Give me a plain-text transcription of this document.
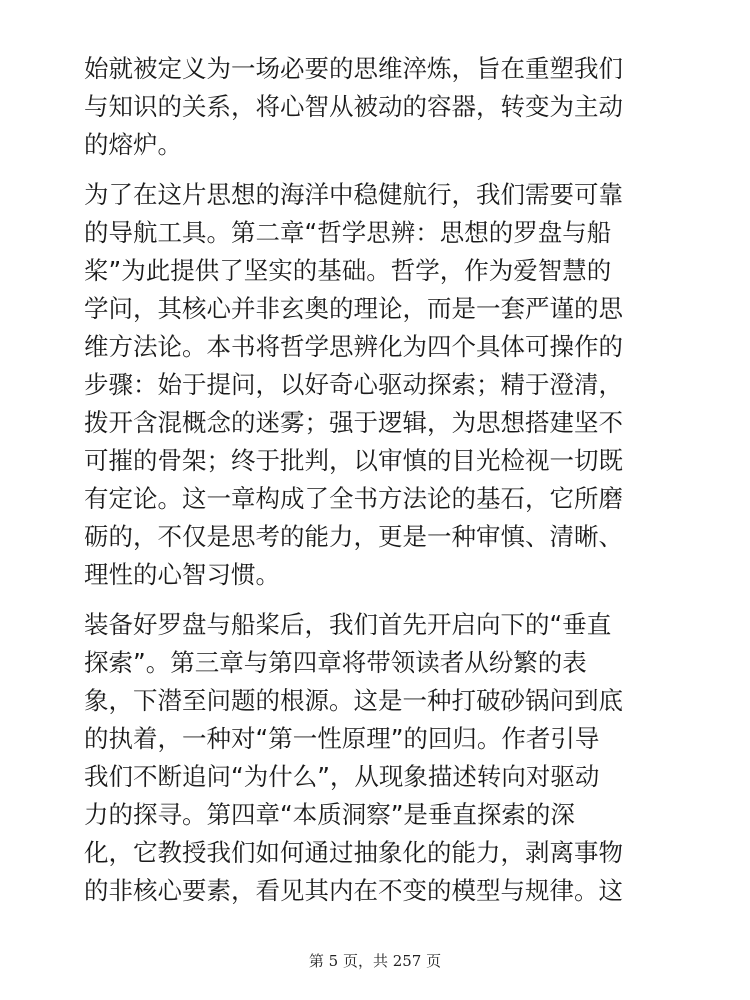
始就被定义为一场必要的思维淬炼，旨在重塑我们
与知识的关系，将心智从被动的容器，转变为主动
的熔炉。
为了在这片思想的海洋中稳健航行，我们需要可靠
的导航工具。第二章“哲学思辨：思想的罗盘与船
桨”为此提供了坚实的基础。哲学，作为爱智慧的
学问，其核心并非玄奥的理论，而是一套严谨的思
维方法论。本书将哲学思辨化为四个具体可操作的
步骤：始于提问，以好奇心驱动探索；精于澄清，
拨开含混概念的迷雾；强于逻辑，为思想搭建坚不
可摧的骨架；终于批判，以审慎的目光检视一切既
有定论。这一章构成了全书方法论的基石，它所磨
砺的，不仅是思考的能力，更是一种审慎、清晰、
理性的心智习惯。
装备好罗盘与船桨后，我们首先开启向下的“垂直
探索”。第三章与第四章将带领读者从纷繁的表
象，下潜至问题的根源。这是一种打破砂锅问到底
的执着，一种对“第一性原理”的回归。作者引导
我们不断追问“为什么”，从现象描述转向对驱动
力的探寻。第四章“本质洞察”是垂直探索的深
化，它教授我们如何通过抽象化的能力，剥离事物
的非核心要素，看见其内在不变的模型与规律。这
第 5 页，共 257 页
